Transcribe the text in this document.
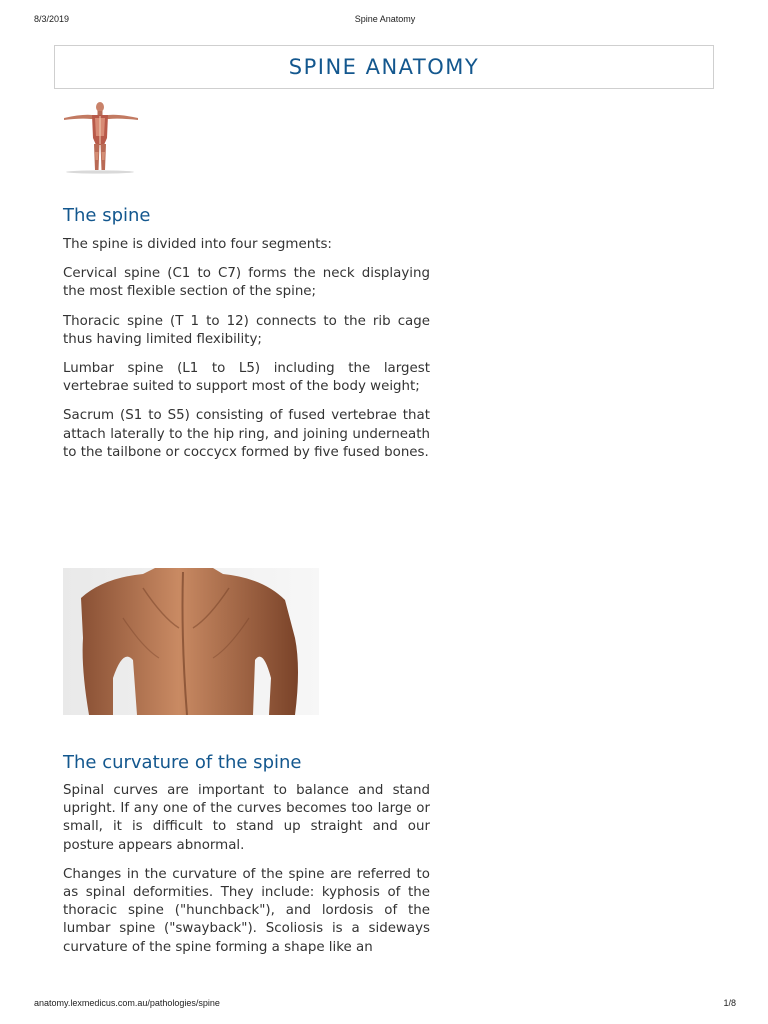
8/3/2019	Spine Anatomy
SPINE ANATOMY
The spine

The spine is divided into four segments:

Cervical spine (C1 to C7) forms the neck displaying the most flexible section of the spine;

Thoracic spine (T 1 to 12) connects to the rib cage thus having limited flexibility;

Lumbar spine (L1 to L5) including the largest vertebrae suited to support most of the body weight;

Sacrum (S1 to S5) consisting of fused vertebrae that attach laterally to the hip ring, and joining underneath to the tailbone or coccycx formed by five fused bones.

The curvature of the spine

Spinal curves are important to balance and stand upright. If any one of the curves becomes too large or small, it is difficult to stand up straight and our posture appears abnormal.

Changes in the curvature of the spine are referred to as spinal deformities. They include: kyphosis of the thoracic spine ("hunchback"), and lordosis of the lumbar spine ("swayback"). Scoliosis is a sideways curvature of the spine forming a shape like an

anatomy.lexmedicus.com.au/pathologies/spine	1/8
